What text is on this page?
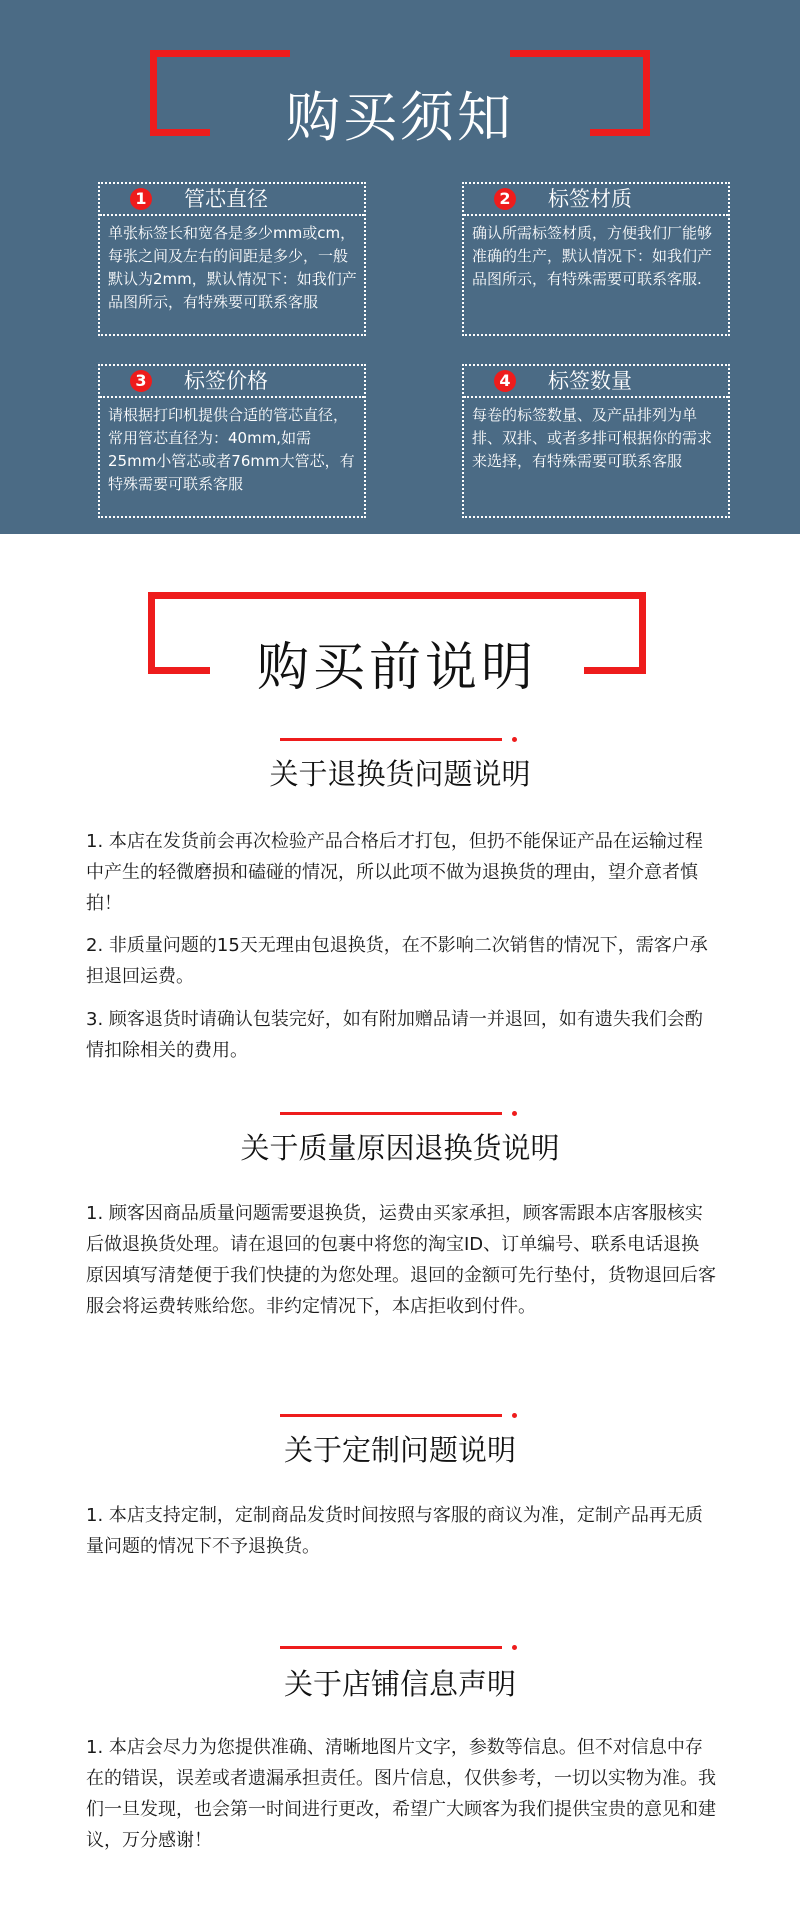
购买须知
1 管芯直径
单张标签长和宽各是多少mm或cm，每张之间及左右的间距是多少，一般默认为2mm，默认情况下：如我们产品图所示，有特殊要可联系客服
2 标签材质
确认所需标签材质，方便我们厂能够准确的生产，默认情况下：如我们产品图所示，有特殊需要可联系客服.
3 标签价格
请根据打印机提供合适的管芯直径，常用管芯直径为：40mm,如需25mm小管芯或者76mm大管芯，有特殊需要可联系客服
4 标签数量
每卷的标签数量、及产品排列为单排、双排、或者多排可根据你的需求来选择，有特殊需要可联系客服
购买前说明
关于退换货问题说明
1. 本店在发货前会再次检验产品合格后才打包，但扔不能保证产品在运输过程中产生的轻微磨损和磕碰的情况，所以此项不做为退换货的理由，望介意者慎拍！
2. 非质量问题的15天无理由包退换货，在不影响二次销售的情况下，需客户承担退回运费。
3. 顾客退货时请确认包装完好，如有附加赠品请一并退回，如有遗失我们会酌情扣除相关的费用。
关于质量原因退换货说明
1. 顾客因商品质量问题需要退换货，运费由买家承担，顾客需跟本店客服核实后做退换货处理。请在退回的包裹中将您的淘宝ID、订单编号、联系电话退换原因填写清楚便于我们快捷的为您处理。退回的金额可先行垫付，货物退回后客服会将运费转账给您。非约定情况下，本店拒收到付件。
关于定制问题说明
1. 本店支持定制，定制商品发货时间按照与客服的商议为准，定制产品再无质量问题的情况下不予退换货。
关于店铺信息声明
1. 本店会尽力为您提供准确、清晰地图片文字，参数等信息。但不对信息中存在的错误，误差或者遗漏承担责任。图片信息，仅供参考，一切以实物为准。我们一旦发现，也会第一时间进行更改，希望广大顾客为我们提供宝贵的意见和建议，万分感谢！
